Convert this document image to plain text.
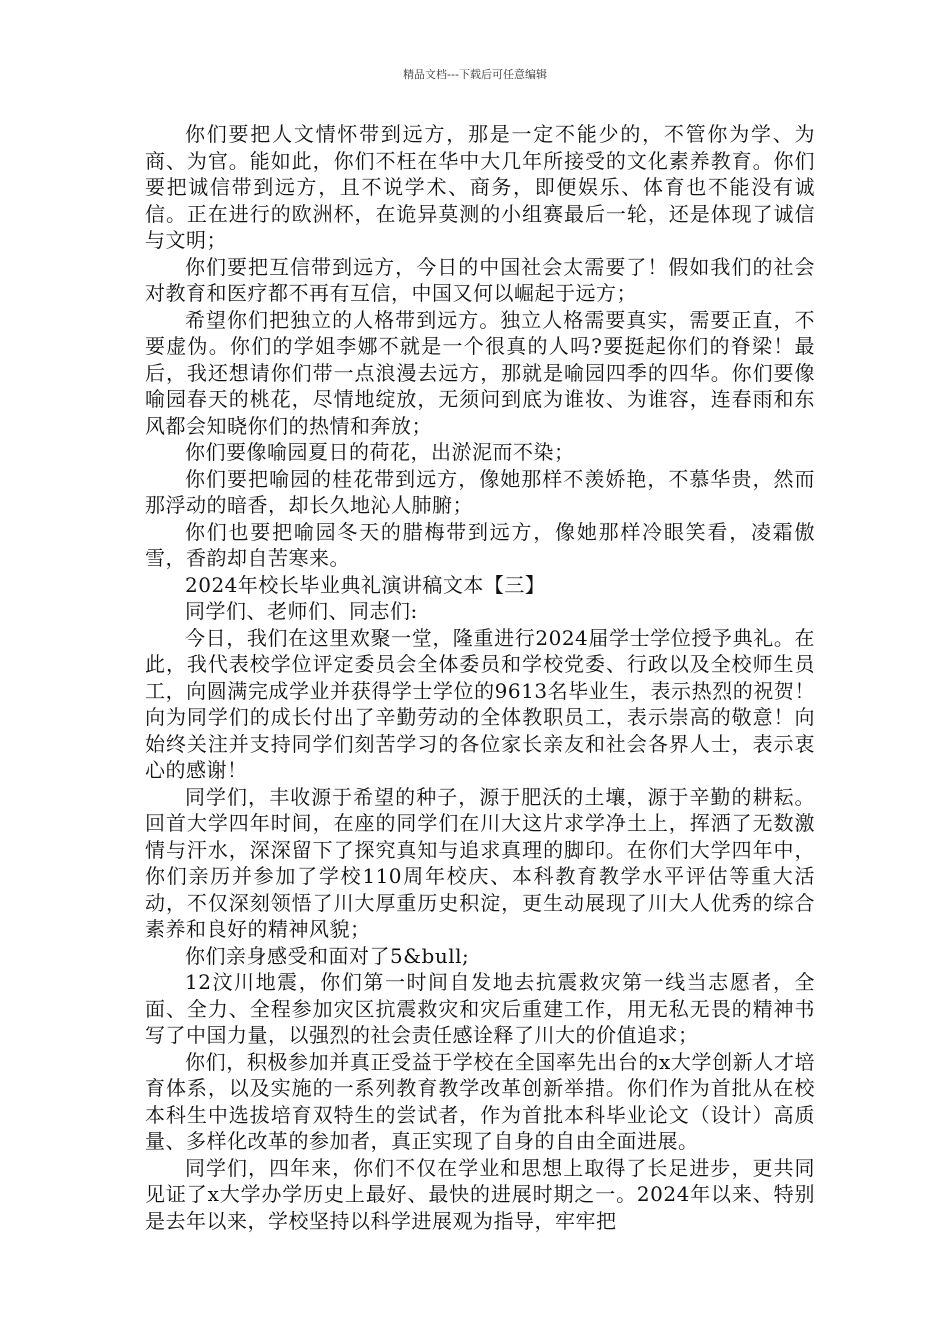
精品文档---下载后可任意编辑

你们要把人文情怀带到远方，那是一定不能少的，不管你为学、为商、为官。能如此，你们不枉在华中大几年所接受的文化素养教育。你们要把诚信带到远方，且不说学术、商务，即便娱乐、体育也不能没有诚信。正在进行的欧洲杯，在诡异莫测的小组赛最后一轮，还是体现了诚信与文明；

你们要把互信带到远方，今日的中国社会太需要了！假如我们的社会对教育和医疗都不再有互信，中国又何以崛起于远方；

希望你们把独立的人格带到远方。独立人格需要真实，需要正直，不要虚伪。你们的学姐李娜不就是一个很真的人吗?要挺起你们的脊梁！最后，我还想请你们带一点浪漫去远方，那就是喻园四季的四华。你们要像喻园春天的桃花，尽情地绽放，无须问到底为谁妆、为谁容，连春雨和东风都会知晓你们的热情和奔放；

你们要像喻园夏日的荷花，出淤泥而不染；

你们要把喻园的桂花带到远方，像她那样不羡娇艳，不慕华贵，然而那浮动的暗香，却长久地沁人肺腑；

你们也要把喻园冬天的腊梅带到远方，像她那样冷眼笑看，凌霜傲雪，香韵却自苦寒来。

2024年校长毕业典礼演讲稿文本【三】

同学们、老师们、同志们:

今日，我们在这里欢聚一堂，隆重进行2024届学士学位授予典礼。在此，我代表校学位评定委员会全体委员和学校党委、行政以及全校师生员工，向圆满完成学业并获得学士学位的9613名毕业生，表示热烈的祝贺！向为同学们的成长付出了辛勤劳动的全体教职员工，表示崇高的敬意！向始终关注并支持同学们刻苦学习的各位家长亲友和社会各界人士，表示衷心的感谢！

同学们，丰收源于希望的种子，源于肥沃的土壤，源于辛勤的耕耘。回首大学四年时间，在座的同学们在川大这片求学净土上，挥洒了无数激情与汗水，深深留下了探究真知与追求真理的脚印。在你们大学四年中，你们亲历并参加了学校110周年校庆、本科教育教学水平评估等重大活动，不仅深刻领悟了川大厚重历史积淀，更生动展现了川大人优秀的综合素养和良好的精神风貌；

你们亲身感受和面对了5&bull;

12汶川地震，你们第一时间自发地去抗震救灾第一线当志愿者，全面、全力、全程参加灾区抗震救灾和灾后重建工作，用无私无畏的精神书写了中国力量，以强烈的社会责任感诠释了川大的价值追求；

你们，积极参加并真正受益于学校在全国率先出台的x大学创新人才培育体系，以及实施的一系列教育教学改革创新举措。你们作为首批从在校本科生中选拔培育双特生的尝试者，作为首批本科毕业论文（设计）高质量、多样化改革的参加者，真正实现了自身的自由全面进展。

同学们，四年来，你们不仅在学业和思想上取得了长足进步，更共同见证了x大学办学历史上最好、最快的进展时期之一。2024年以来、特别是去年以来，学校坚持以科学进展观为指导，牢牢把
